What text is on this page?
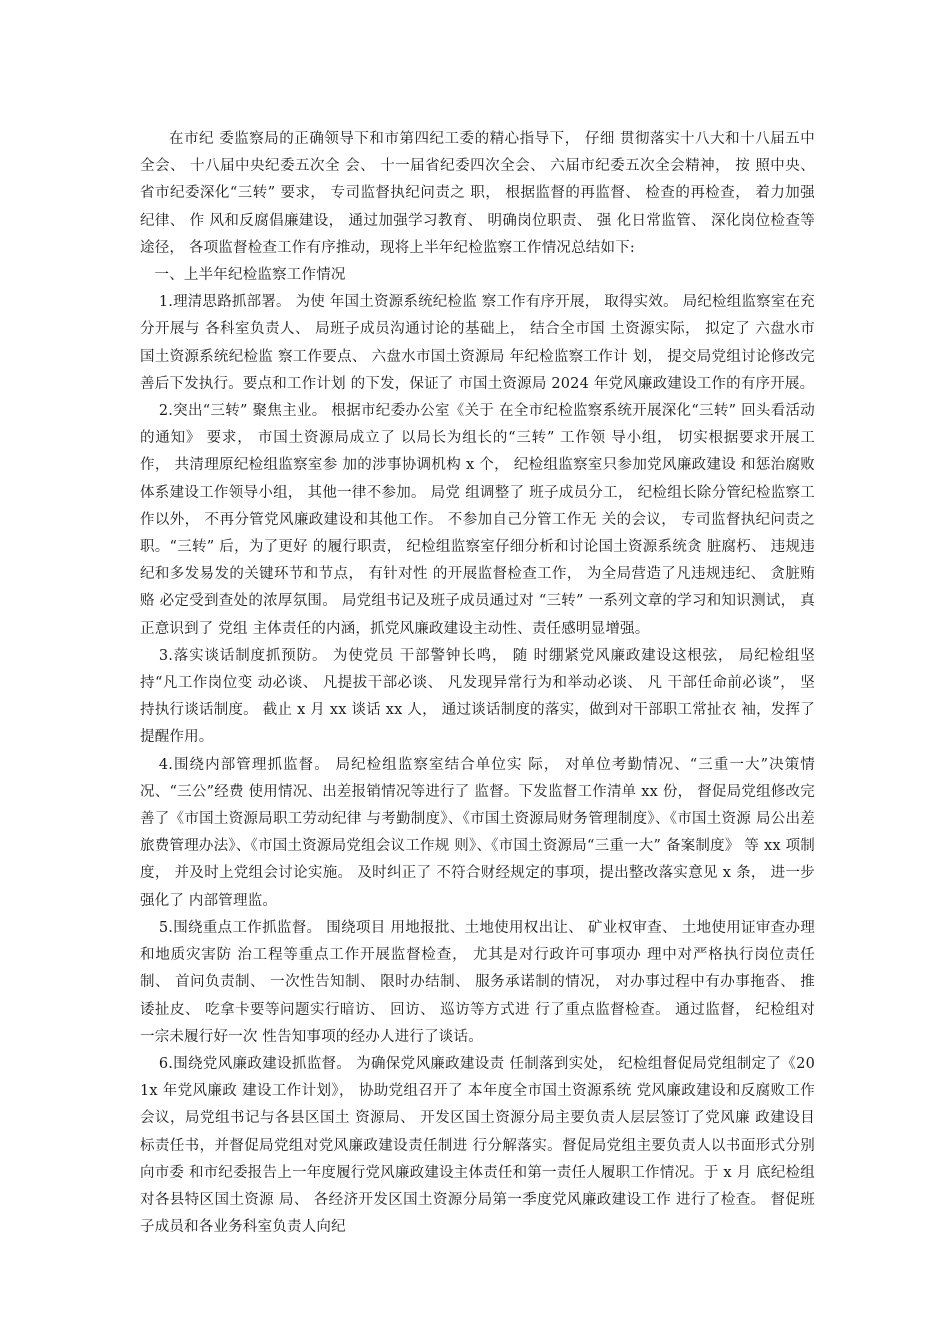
在市纪 委监察局的正确领导下和市第四纪工委的精心指导下， 仔细 贯彻落实十八大和十八届五中全会、 十八届中央纪委五次全 会、 十一届省纪委四次全会、 六届市纪委五次全会精神， 按 照中央、 省市纪委深化“三转” 要求， 专司监督执纪问责之 职， 根据监督的再监督、 检查的再检查， 着力加强纪律、 作 风和反腐倡廉建设， 通过加强学习教育、 明确岗位职责、 强 化日常监管、 深化岗位检查等途径， 各项监督检查工作有序推动，现将上半年纪检监察工作情况总结如下:

一、上半年纪检监察工作情况

1.理清思路抓部署。 为使 年国土资源系统纪检监 察工作有序开展， 取得实效。 局纪检组监察室在充分开展与 各科室负责人、 局班子成员沟通讨论的基础上， 结合全市国 土资源实际， 拟定了 六盘水市国土资源系统纪检监 察工作要点、 六盘水市国土资源局 年纪检监察工作计 划， 提交局党组讨论修改完善后下发执行。要点和工作计划 的下发，保证了 市国土资源局 2024 年党风廉政建设工作的有序开展。

2.突出“三转” 聚焦主业。 根据市纪委办公室《关于 在全市纪检监察系统开展深化“三转” 回头看活动的通知》 要求， 市国土资源局成立了 以局长为组长的“三转” 工作领 导小组， 切实根据要求开展工作， 共清理原纪检组监察室参 加的涉事协调机构 x 个， 纪检组监察室只参加党风廉政建设 和惩治腐败体系建设工作领导小组， 其他一律不参加。 局党 组调整了 班子成员分工， 纪检组长除分管纪检监察工作以外， 不再分管党风廉政建设和其他工作。 不参加自己分管工作无 关的会议， 专司监督执纪问责之职。“三转” 后，为了更好 的履行职责， 纪检组监察室仔细分析和讨论国土资源系统贪 脏腐朽、 违规违纪和多发易发的关键环节和节点， 有针对性 的开展监督检查工作， 为全局营造了凡违规违纪、 贪脏贿赂 必定受到查处的浓厚氛围。 局党组书记及班子成员通过对 “三转” 一系列文章的学习和知识测试， 真正意识到了 党组 主体责任的内涵，抓党风廉政建设主动性、责任感明显增强。

3.落实谈话制度抓预防。 为使党员 干部警钟长鸣， 随 时绷紧党风廉政建设这根弦， 局纪检组坚持“凡工作岗位变 动必谈、 凡提拔干部必谈、 凡发现异常行为和举动必谈、 凡 干部任命前必谈”， 坚持执行谈话制度。 截止 x 月 xx 谈话 xx 人， 通过谈话制度的落实，做到对干部职工常扯衣 袖，发挥了提醒作用。

4.围绕内部管理抓监督。 局纪检组监察室结合单位实 际， 对单位考勤情况、“三重一大”决策情况、“三公”经费 使用情况、出差报销情况等进行了 监督。下发监督工作清单 xx 份， 督促局党组修改完善了《市国土资源局职工劳动纪律 与考勤制度》、《市国土资源局财务管理制度》、《市国土资源 局公出差旅费管理办法》、《市国土资源局党组会议工作规 则》、《市国土资源局“三重一大” 备案制度》 等 xx 项制度， 并及时上党组会讨论实施。 及时纠正了 不符合财经规定的事项，提出整改落实意见 x 条， 进一步强化了 内部管理监。

5.围绕重点工作抓监督。 围绕项目 用地报批、土地使用权出让、 矿业权审查、 土地使用证审查办理和地质灾害防 治工程等重点工作开展监督检查， 尤其是对行政许可事项办 理中对严格执行岗位责任制、 首问负责制、 一次性告知制、 限时办结制、 服务承诺制的情况， 对办事过程中有办事拖沓、 推诿扯皮、 吃拿卡要等问题实行暗访、 回访、 巡访等方式进 行了重点监督检查。 通过监督， 纪检组对一宗未履行好一次 性告知事项的经办人进行了谈话。

6.围绕党风廉政建设抓监督。 为确保党风廉政建设责 任制落到实处， 纪检组督促局党组制定了《201x 年党风廉政 建设工作计划》， 协助党组召开了 本年度全市国土资源系统 党风廉政建设和反腐败工作会议，局党组书记与各县区国土 资源局、 开发区国土资源分局主要负责人层层签订了党风廉 政建设目标责任书，并督促局党组对党风廉政建设责任制进 行分解落实。督促局党组主要负责人以书面形式分别向市委 和市纪委报告上一年度履行党风廉政建设主体责任和第一责任人履职工作情况。于 x 月 底纪检组对各县特区国土资源 局、 各经济开发区国土资源分局第一季度党风廉政建设工作 进行了检查。 督促班子成员和各业务科室负责人向纪
